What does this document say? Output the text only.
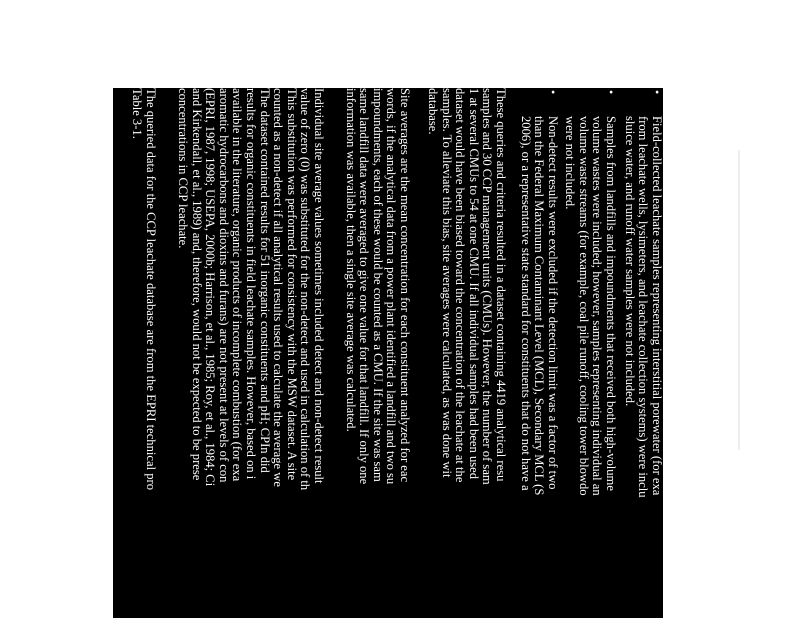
•
Field-collected leachate samples representing interstitial porewater (for exa
from leachate wells, lysimeters, and leachate collection systems) were inclu
sluice water, and runoff water samples were not included.
•
Samples from landfills and impoundments that received both high-volume
volume wastes were included; however, samples representing individual an
volume waste streams (for example, coal pile runoff, cooling tower blowdo
were not included.
•
Non-detect results were excluded if the detection limit was a factor of two
than the Federal Maximum Contaminant Level (MCL), Secondary MCL (S
2006), or a representative state standard for constituents that do not have a
These queries and criteria resulted in a dataset containing 4419 analytical resu
samples and 30 CCP management units (CMUs). However, the number of sam
1 at several CMUs to 54 at one CMU. If all individual samples had been used
dataset would have been biased toward the concentration of the leachate at the
samples. To alleviate this bias, site averages were calculated, as was done wit
database.
Site averages are the mean concentration for each constituent analyzed for eac
words, if the analytical data from a power plant identified a landfill and two su
impoundments, each of these would be counted as a CMU. If the site was sam
same landfill data were averaged to give one value for that landfill. If only one
information was available, then a single site average was calculated.
Individual site average values sometimes included detect and non-detect result
value of zero (0) was substituted for the non-detect and used in calculation of th
This substitution was performed for consistency with the MSW dataset. A site
counted as a non-detect if all analytical results used to calculate the average we
The dataset contained results for 51 inorganic constituents and pH; CPIn did
results for organic constituents in field leachate samples. However, based on i
available in the literature, organic products of incomplete combustion (for exa
aromatic hydrocarbons and dioxins and furans) are not present at levels of con
(EPRI, 1987, 1998; USEPA, 2000b; Harrison, et al., 1985; Roy, et al., 1984; Ci
and Kirkendall, et al., 1989) and, therefore, would not be expected to be prese
concentrations in CCP leachate.
The queried data for the CCP leachate database are from the EPRI technical pro
Table 3-1.
2
